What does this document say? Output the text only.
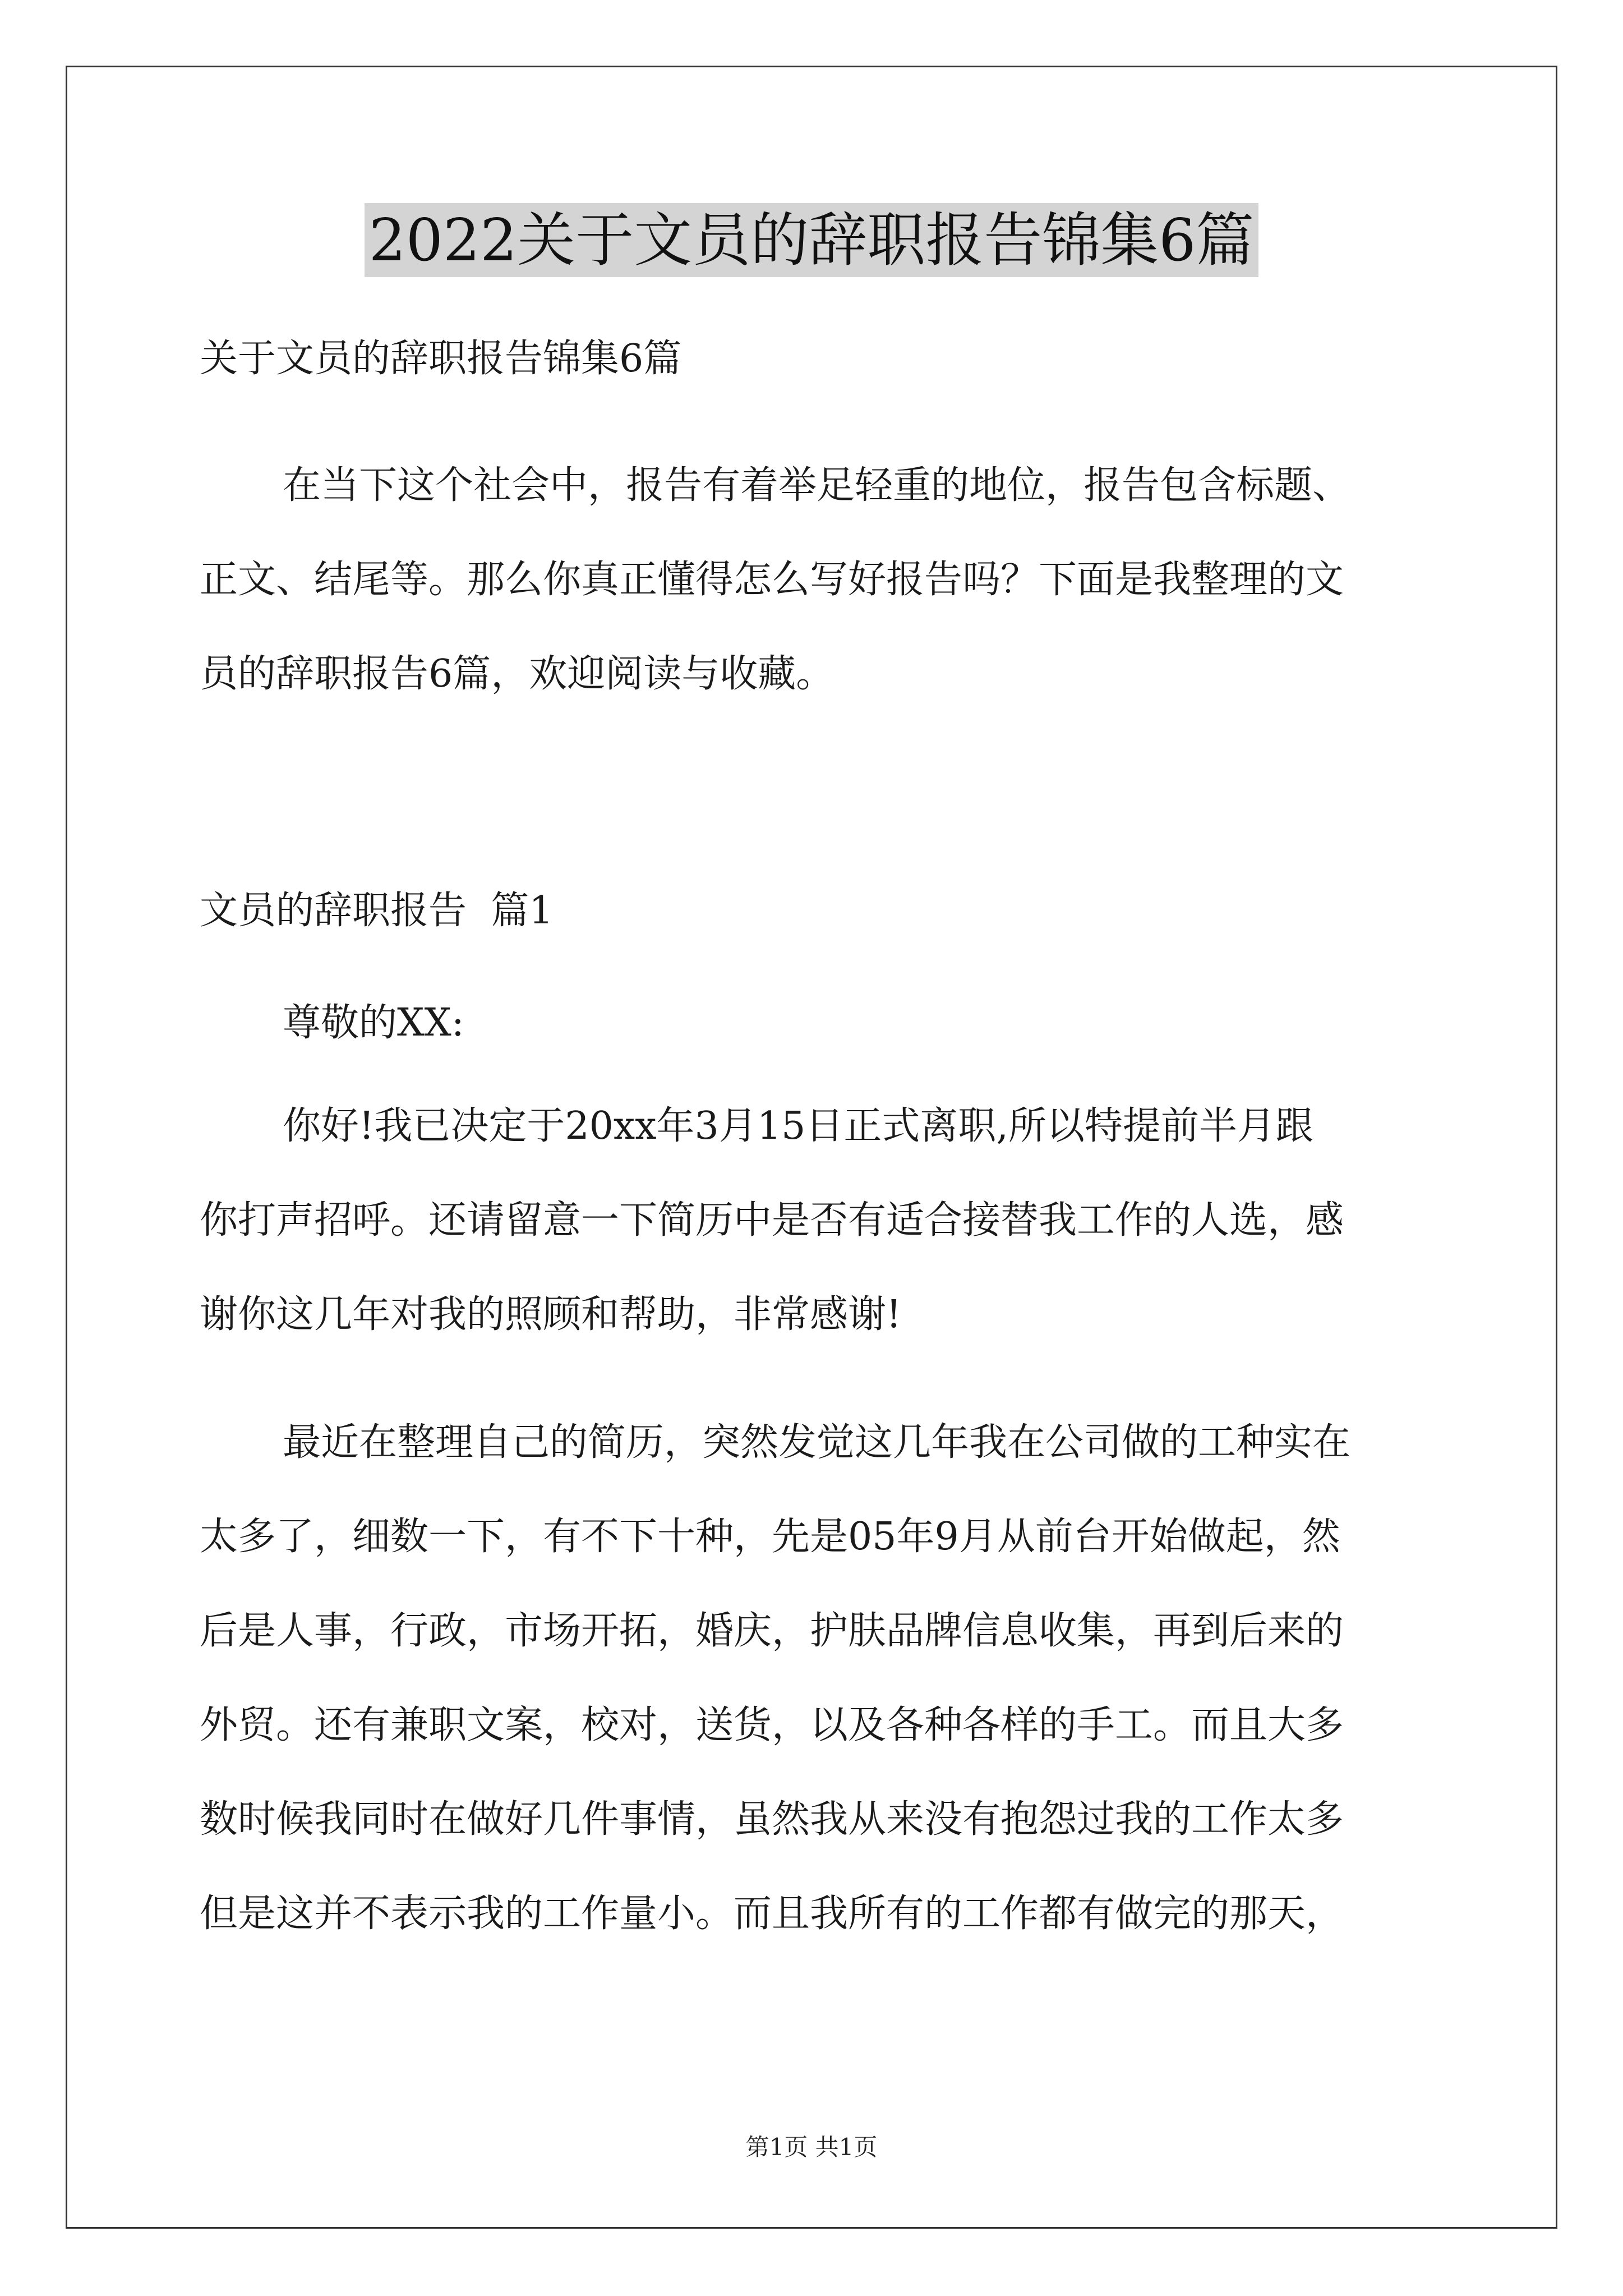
2022关于文员的辞职报告锦集6篇

关于文员的辞职报告锦集6篇

在当下这个社会中，报告有着举足轻重的地位，报告包含标题、

正文、结尾等。那么你真正懂得怎么写好报告吗？下面是我整理的文

员的辞职报告6篇，欢迎阅读与收藏。

文员的辞职报告  篇1

尊敬的XX:

你好!我已决定于20xx年3月15日正式离职,所以特提前半月跟

你打声招呼。还请留意一下简历中是否有适合接替我工作的人选，感

谢你这几年对我的照顾和帮助，非常感谢!

最近在整理自己的简历，突然发觉这几年我在公司做的工种实在

太多了，细数一下，有不下十种，先是05年9月从前台开始做起，然

后是人事，行政，市场开拓，婚庆，护肤品牌信息收集，再到后来的

外贸。还有兼职文案，校对，送货，以及各种各样的手工。而且大多

数时候我同时在做好几件事情，虽然我从来没有抱怨过我的工作太多

但是这并不表示我的工作量小。而且我所有的工作都有做完的那天，

第1页 共1页
